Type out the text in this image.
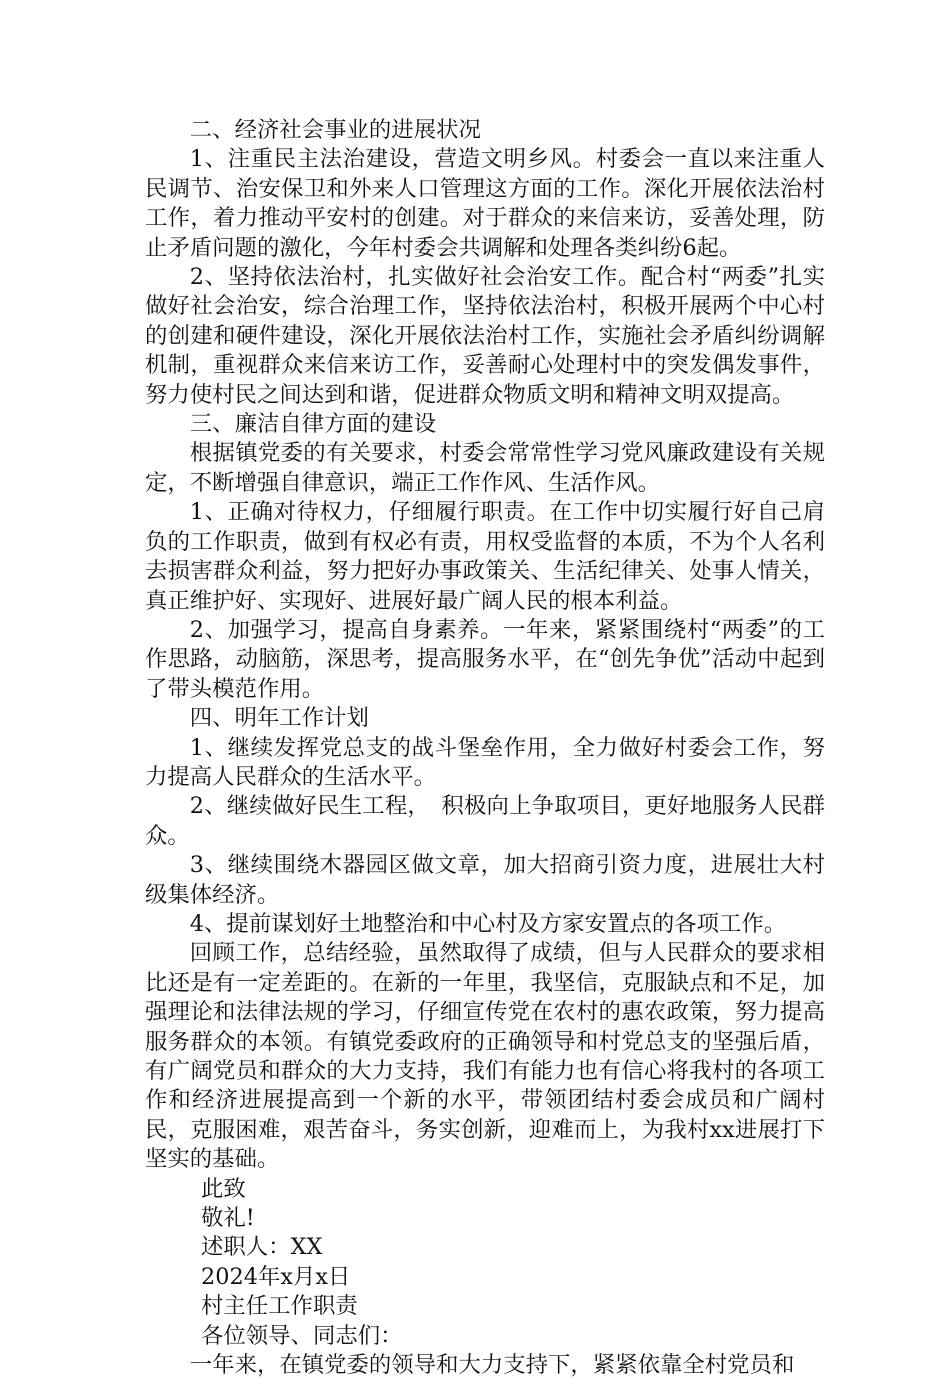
二、经济社会事业的进展状况

1、注重民主法治建设，营造文明乡风。村委会一直以来注重人民调节、治安保卫和外来人口管理这方面的工作。深化开展依法治村工作，着力推动平安村的创建。对于群众的来信来访，妥善处理，防止矛盾问题的激化，今年村委会共调解和处理各类纠纷6起。

2、坚持依法治村，扎实做好社会治安工作。配合村“两委”扎实做好社会治安，综合治理工作，坚持依法治村，积极开展两个中心村的创建和硬件建设，深化开展依法治村工作，实施社会矛盾纠纷调解机制，重视群众来信来访工作，妥善耐心处理村中的突发偶发事件，努力使村民之间达到和谐，促进群众物质文明和精神文明双提高。

三、廉洁自律方面的建设

根据镇党委的有关要求，村委会常常性学习党风廉政建设有关规定，不断增强自律意识，端正工作作风、生活作风。

1、正确对待权力，仔细履行职责。在工作中切实履行好自己肩负的工作职责，做到有权必有责，用权受监督的本质，不为个人名利去损害群众利益，努力把好办事政策关、生活纪律关、处事人情关，真正维护好、实现好、进展好最广阔人民的根本利益。

2、加强学习，提高自身素养。一年来，紧紧围绕村“两委”的工作思路，动脑筋，深思考，提高服务水平，在“创先争优”活动中起到了带头模范作用。

四、明年工作计划

1、继续发挥党总支的战斗堡垒作用，全力做好村委会工作，努力提高人民群众的生活水平。

2、继续做好民生工程，　积极向上争取项目，更好地服务人民群众。

3、继续围绕木器园区做文章，加大招商引资力度，进展壮大村级集体经济。

4、提前谋划好土地整治和中心村及方家安置点的各项工作。

回顾工作，总结经验，虽然取得了成绩，但与人民群众的要求相比还是有一定差距的。在新的一年里，我坚信，克服缺点和不足，加强理论和法律法规的学习，仔细宣传党在农村的惠农政策，努力提高服务群众的本领。有镇党委政府的正确领导和村党总支的坚强后盾，有广阔党员和群众的大力支持，我们有能力也有信心将我村的各项工作和经济进展提高到一个新的水平，带领团结村委会成员和广阔村民，克服困难，艰苦奋斗，务实创新，迎难而上，为我村xx进展打下坚实的基础。

此致
敬礼!
述职人：XX
2024年x月x日
村主任工作职责
各位领导、同志们：

一年来，在镇党委的领导和大力支持下，紧紧依靠全村党员和
